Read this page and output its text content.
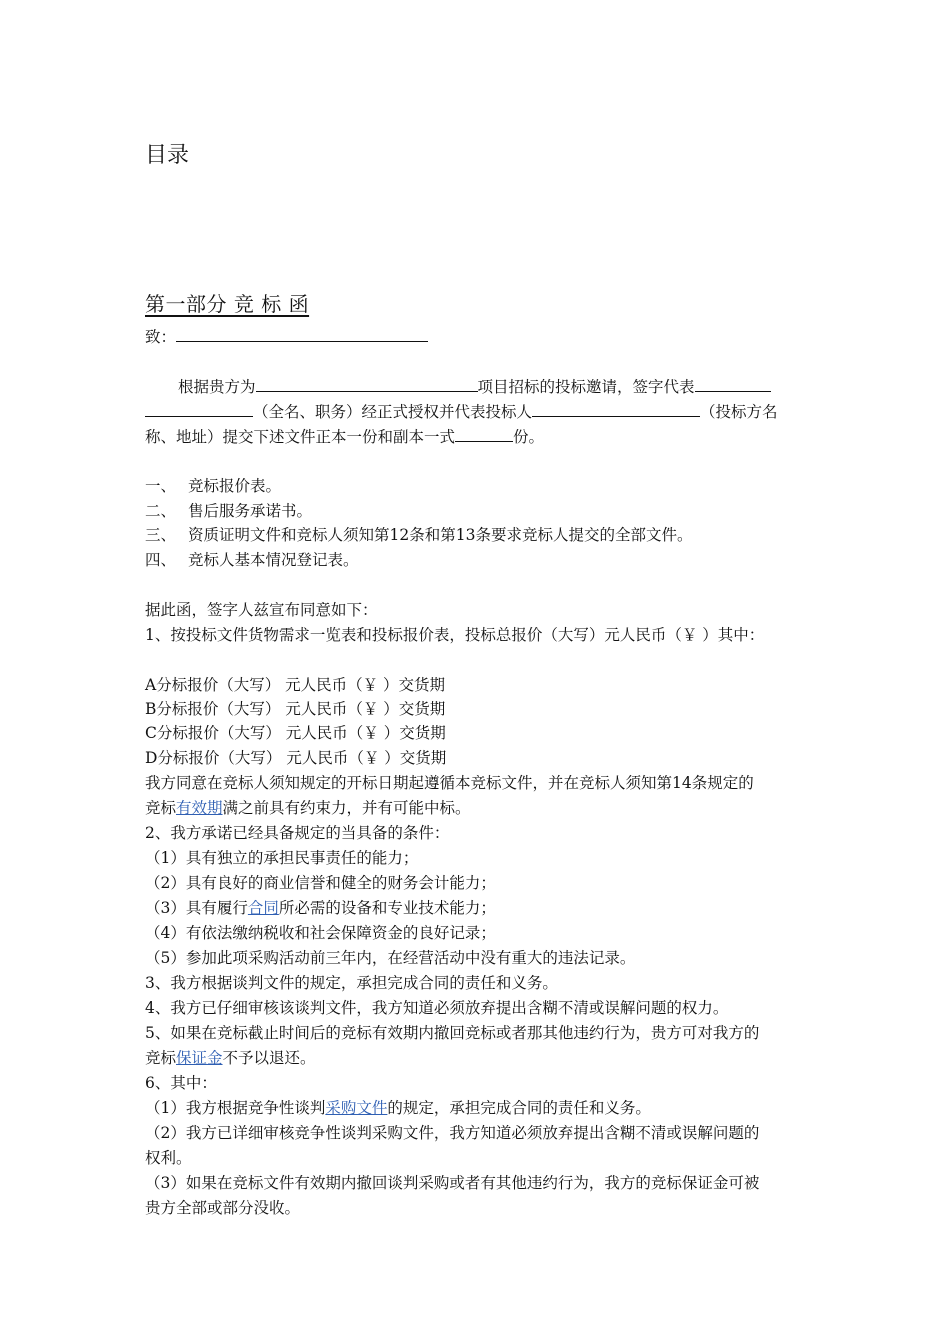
目录
第一部分 竞 标 函
致：
根据贵方为	项目招标的投标邀请，签字代表
（全名、职务）经正式授权并代表投标人	（投标方名
称、地址）提交下述文件正本一份和副本一式	份。
一、 竞标报价表。
二、 售后服务承诺书。
三、 资质证明文件和竞标人须知第12条和第13条要求竞标人提交的全部文件。
四、 竞标人基本情况登记表。
据此函，签字人兹宣布同意如下：
1、按投标文件货物需求一览表和投标报价表，投标总报价（大写）元人民币（￥ ）其中：
A分标报价（大写） 元人民币（￥ ）交货期
B分标报价（大写） 元人民币（￥ ）交货期
C分标报价（大写） 元人民币（￥ ）交货期
D分标报价（大写） 元人民币（￥ ）交货期
我方同意在竞标人须知规定的开标日期起遵循本竞标文件，并在竞标人须知第14条规定的
竞标有效期满之前具有约束力，并有可能中标。
2、我方承诺已经具备规定的当具备的条件：
（1）具有独立的承担民事责任的能力；
（2）具有良好的商业信誉和健全的财务会计能力；
（3）具有履行合同所必需的设备和专业技术能力；
（4）有依法缴纳税收和社会保障资金的良好记录；
（5）参加此项采购活动前三年内，在经营活动中没有重大的违法记录。
3、我方根据谈判文件的规定，承担完成合同的责任和义务。
4、我方已仔细审核该谈判文件，我方知道必须放弃提出含糊不清或误解问题的权力。
5、如果在竞标截止时间后的竞标有效期内撤回竞标或者那其他违约行为，贵方可对我方的
竞标保证金不予以退还。
6、其中：
（1）我方根据竞争性谈判采购文件的规定，承担完成合同的责任和义务。
（2）我方已详细审核竞争性谈判采购文件，我方知道必须放弃提出含糊不清或误解问题的
权利。
（3）如果在竞标文件有效期内撤回谈判采购或者有其他违约行为，我方的竞标保证金可被
贵方全部或部分没收。
